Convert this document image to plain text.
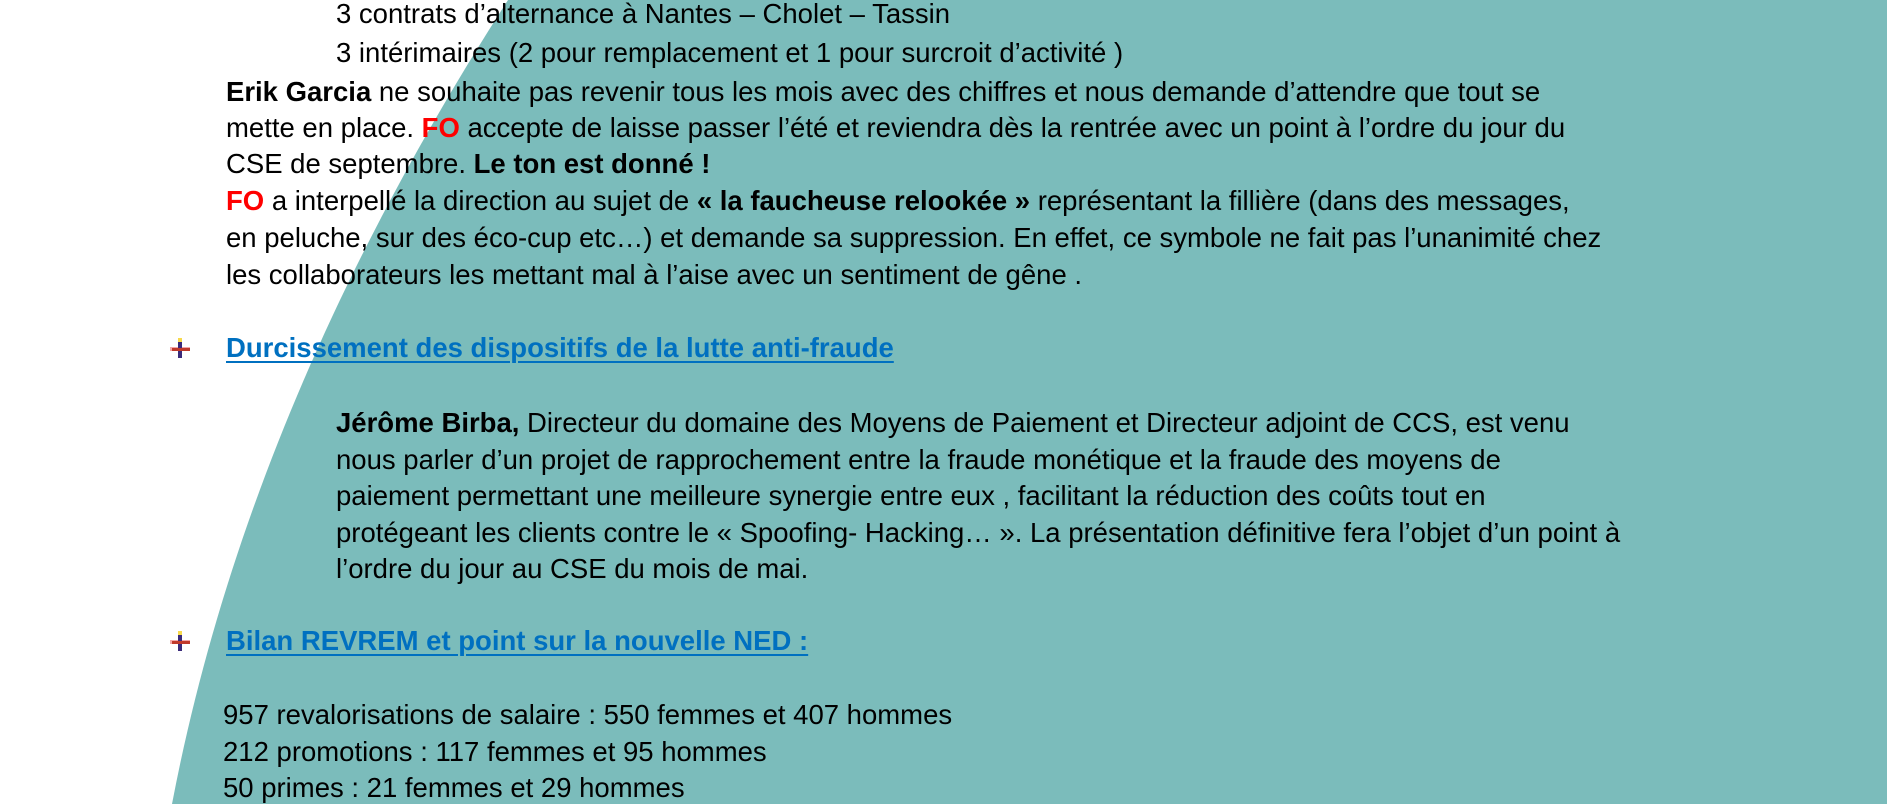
3 contrats d’alternance à Nantes – Cholet – Tassin
3 intérimaires (2 pour remplacement et 1 pour surcroit d’activité )
Erik Garcia ne souhaite pas revenir tous les mois avec des chiffres et nous demande d’attendre que tout se
mette en place. FO accepte de laisse passer l’été et reviendra dès la rentrée avec un point à l’ordre du jour du
CSE de septembre. Le ton est donné !
FO a interpellé la direction au sujet de « la faucheuse relookée » représentant la fillière (dans des messages,
en peluche, sur des éco-cup etc…) et demande sa suppression. En effet, ce symbole ne fait pas l’unanimité chez
les collaborateurs les mettant mal à l’aise avec un sentiment de gêne .
Durcissement des dispositifs de la lutte anti-fraude
Jérôme Birba, Directeur du domaine des Moyens de Paiement et Directeur adjoint de CCS, est venu
nous parler d’un projet de rapprochement entre la fraude monétique et la fraude des moyens de
paiement permettant une meilleure synergie entre eux , facilitant la réduction des coûts tout en
protégeant les clients contre le « Spoofing- Hacking… ». La présentation définitive fera l’objet d’un point à
l’ordre du jour au CSE du mois de mai.
Bilan REVREM et point sur la nouvelle NED :
957 revalorisations de salaire : 550 femmes et 407 hommes
212 promotions : 117 femmes et 95 hommes
50 primes : 21 femmes et 29 hommes
